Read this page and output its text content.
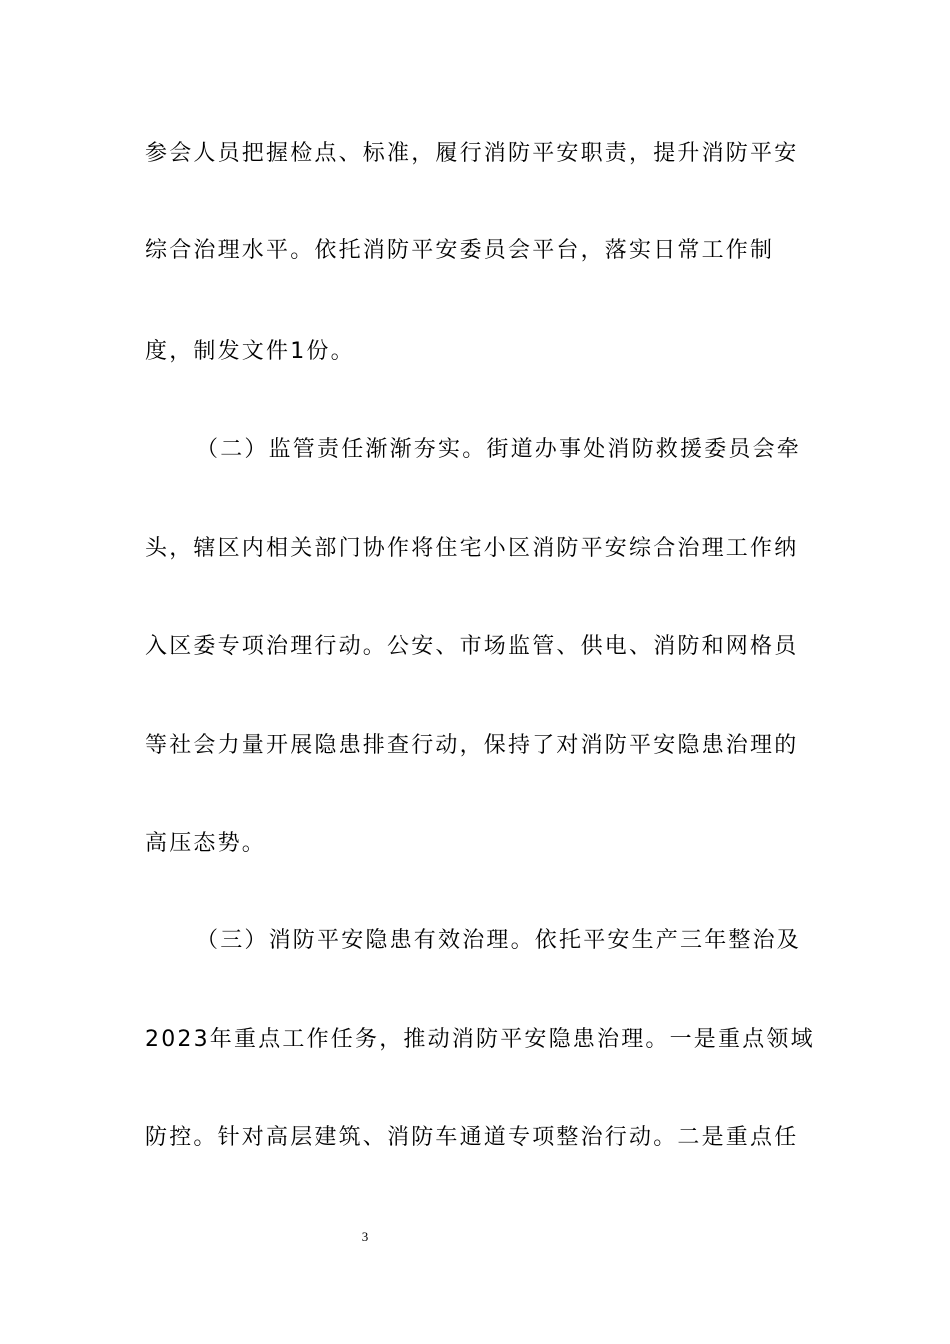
参会人员把握检点、标准，履行消防平安职责，提升消防平安
综合治理水平。依托消防平安委员会平台，落实日常工作制
度，制发文件1份。
（二）监管责任渐渐夯实。街道办事处消防救援委员会牵
头，辖区内相关部门协作将住宅小区消防平安综合治理工作纳
入区委专项治理行动。公安、市场监管、供电、消防和网格员
等社会力量开展隐患排查行动，保持了对消防平安隐患治理的
高压态势。
（三）消防平安隐患有效治理。依托平安生产三年整治及
2023年重点工作任务，推动消防平安隐患治理。一是重点领域
防控。针对高层建筑、消防车通道专项整治行动。二是重点任
3
